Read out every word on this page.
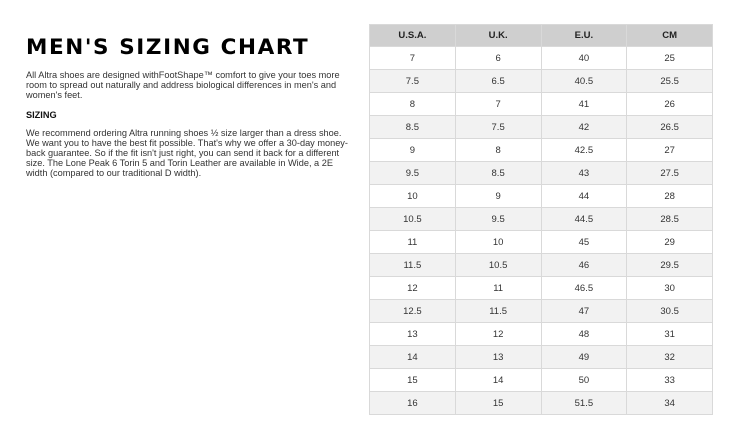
MEN'S SIZING CHART

All Altra shoes are designed withFootShape™ comfort to give your toes more room to spread out naturally and address biological differences in men's and women's feet.

SIZING

We recommend ordering Altra running shoes ½ size larger than a dress shoe. We want you to have the best fit possible. That's why we offer a 30-day money-back guarantee. So if the fit isn't just right, you can send it back for a different size. The Lone Peak 6 Torin 5 and Torin Leather are available in Wide, a 2E width (compared to our traditional D width).

U.S.A.	U.K.	E.U.	CM
7	6	40	25
7.5	6.5	40.5	25.5
8	7	41	26
8.5	7.5	42	26.5
9	8	42.5	27
9.5	8.5	43	27.5
10	9	44	28
10.5	9.5	44.5	28.5
11	10	45	29
11.5	10.5	46	29.5
12	11	46.5	30
12.5	11.5	47	30.5
13	12	48	31
14	13	49	32
15	14	50	33
16	15	51.5	34
